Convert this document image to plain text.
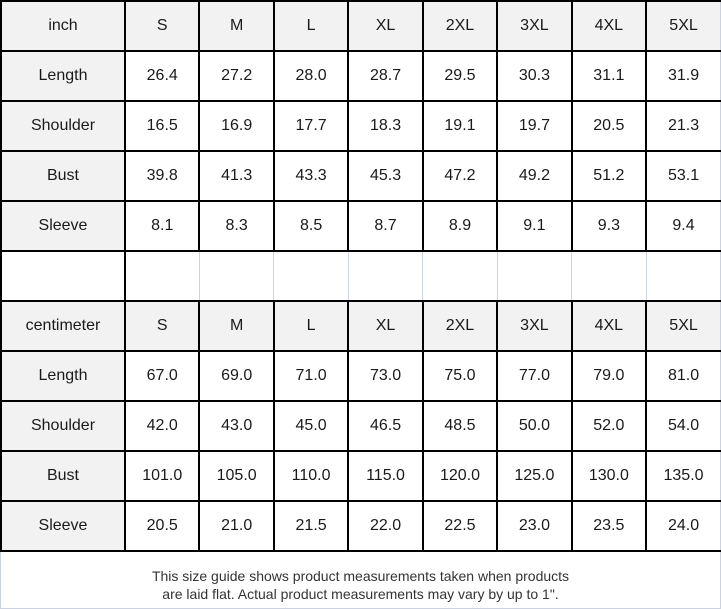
inch	S	M	L	XL	2XL	3XL	4XL	5XL
Length	26.4	27.2	28.0	28.7	29.5	30.3	31.1	31.9
Shoulder	16.5	16.9	17.7	18.3	19.1	19.7	20.5	21.3
Bust	39.8	41.3	43.3	45.3	47.2	49.2	51.2	53.1
Sleeve	8.1	8.3	8.5	8.7	8.9	9.1	9.3	9.4

centimeter	S	M	L	XL	2XL	3XL	4XL	5XL
Length	67.0	69.0	71.0	73.0	75.0	77.0	79.0	81.0
Shoulder	42.0	43.0	45.0	46.5	48.5	50.0	52.0	54.0
Bust	101.0	105.0	110.0	115.0	120.0	125.0	130.0	135.0
Sleeve	20.5	21.0	21.5	22.0	22.5	23.0	23.5	24.0
This size guide shows product measurements taken when products
are laid flat. Actual product measurements may vary by up to 1".
